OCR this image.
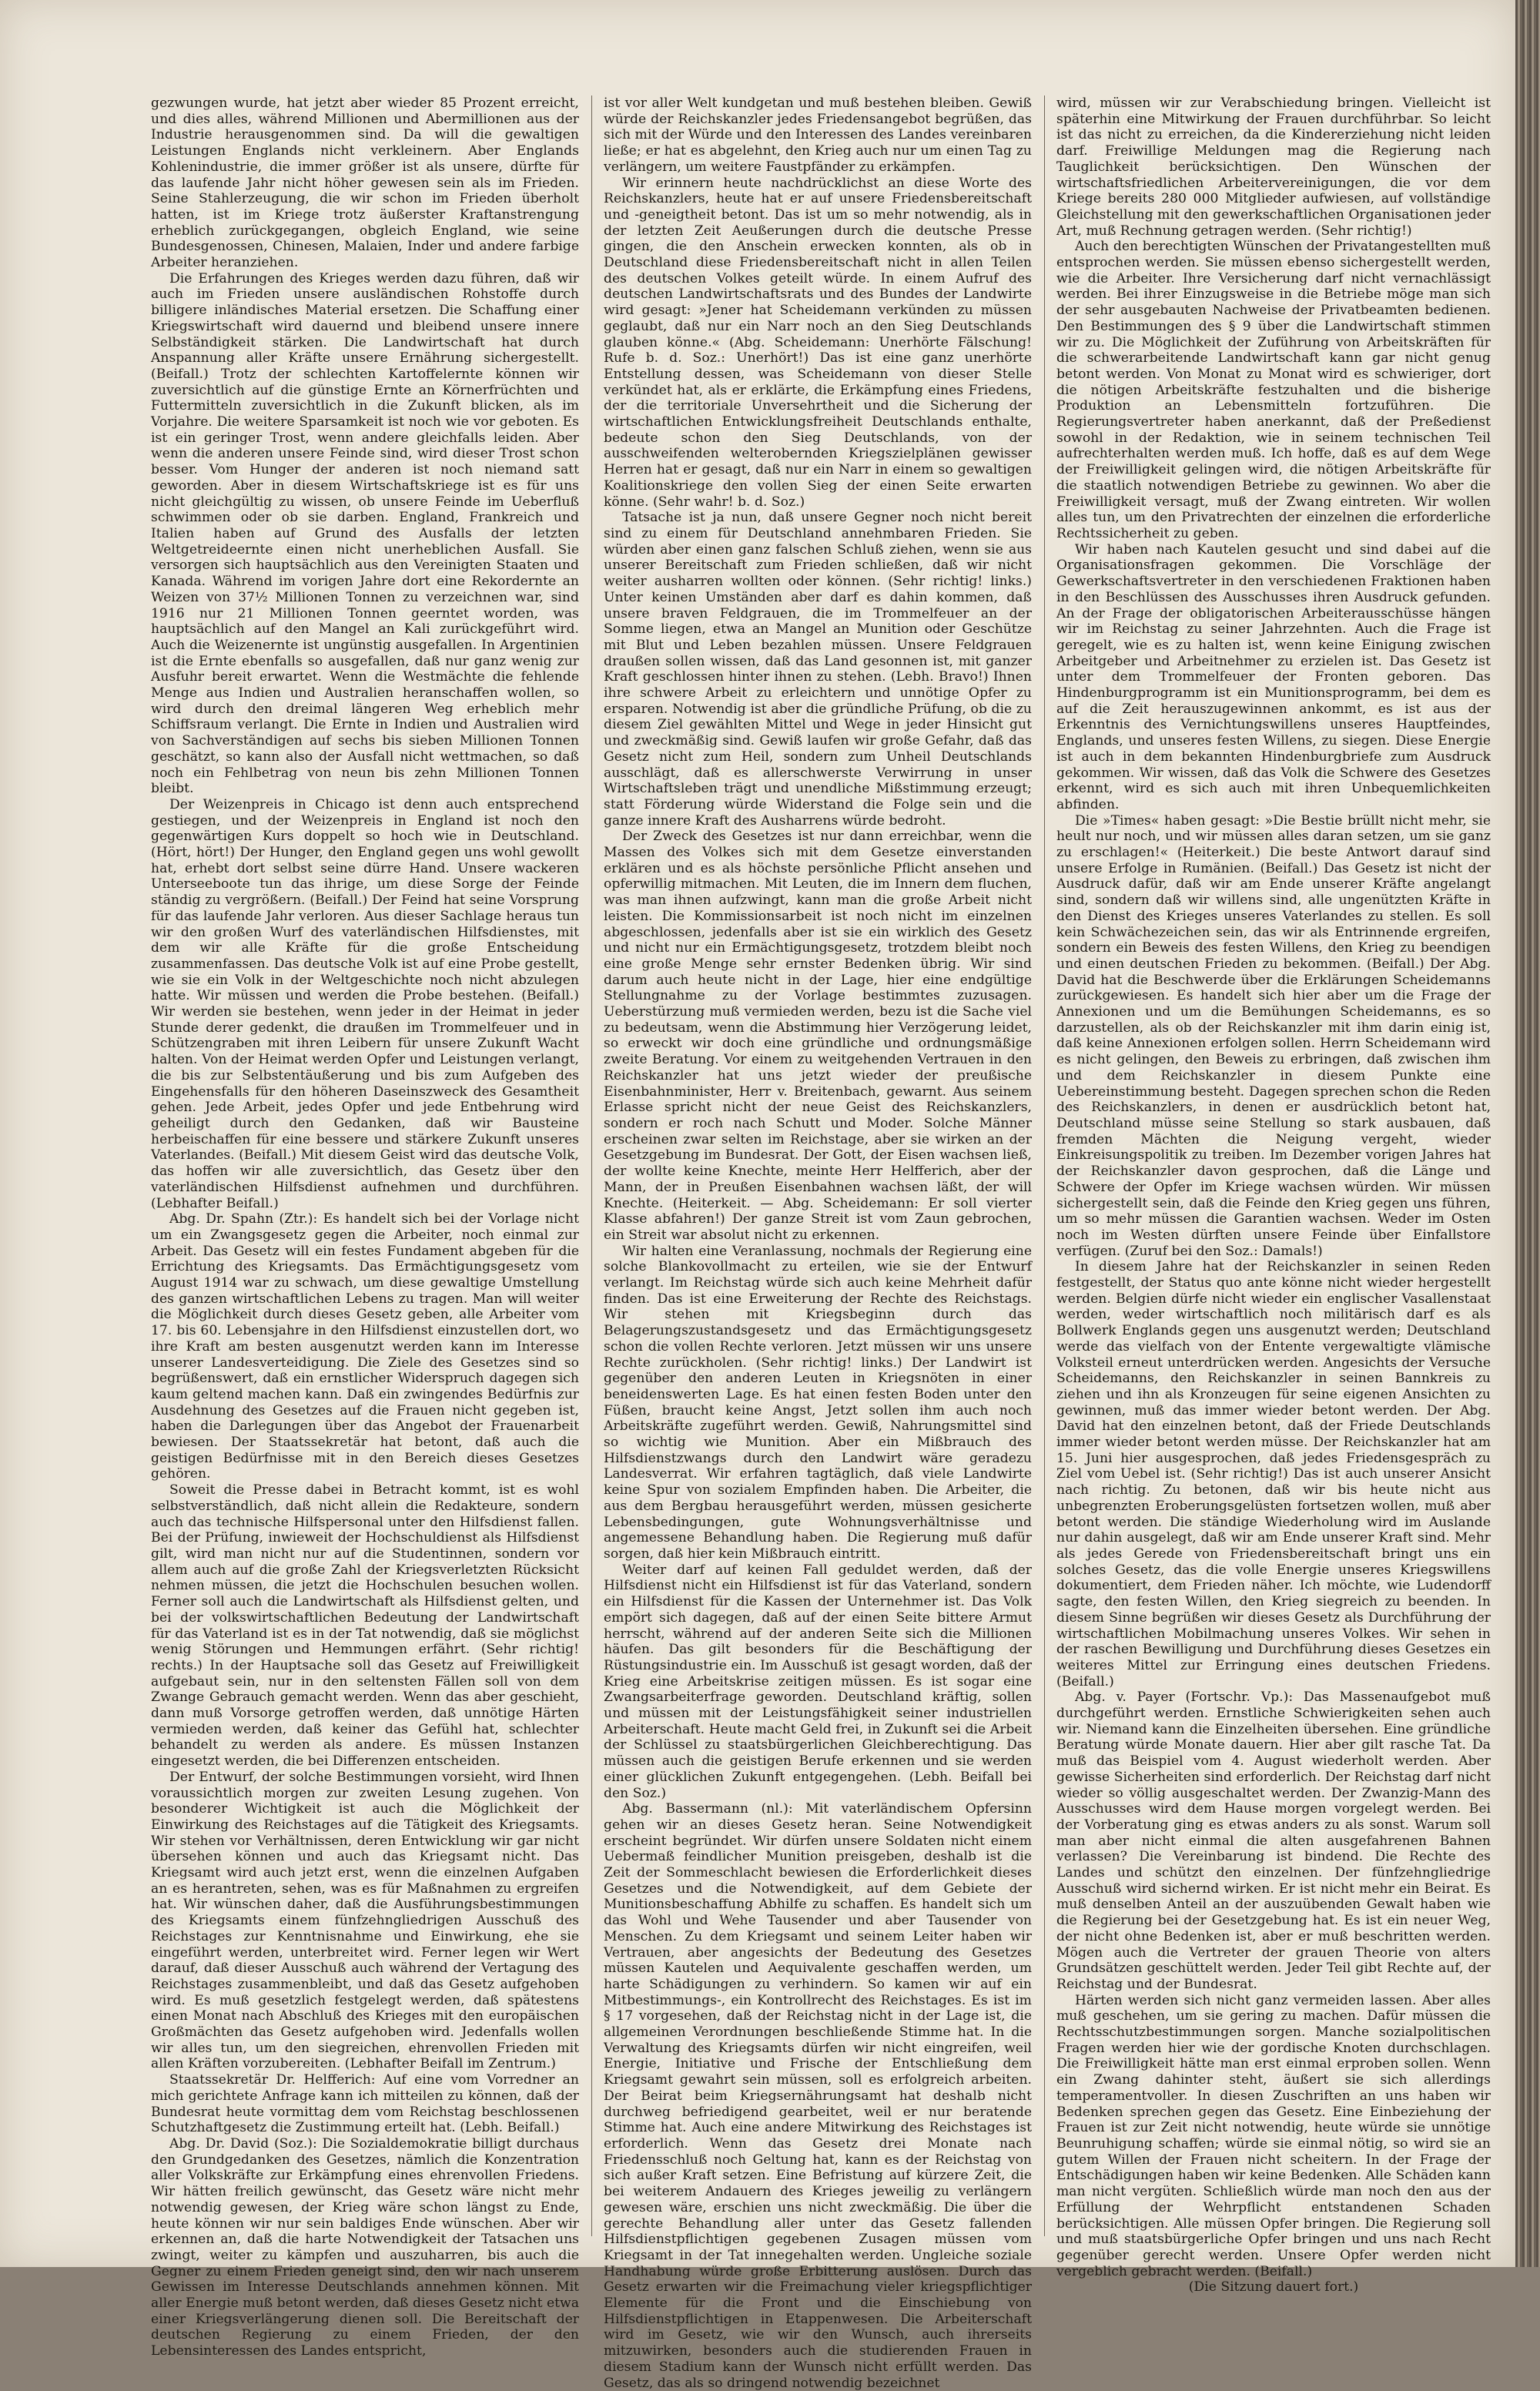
gezwungen wurde, hat jetzt aber wieder 85 Prozent erreicht, und dies alles, während Millionen und Abermillionen aus der Industrie herausgenommen sind. Da will die gewaltigen Leistungen Englands nicht verkleinern. Aber Englands Kohlenindustrie, die immer größer ist als unsere, dürfte für das laufende Jahr nicht höher gewesen sein als im Frieden. Seine Stahlerzeugung, die wir schon im Frieden überholt hatten, ist im Kriege trotz äußerster Kraftanstrengung erheblich zurückgegangen, obgleich England, wie seine Bundesgenossen, Chinesen, Malaien, Inder und andere farbige Arbeiter heranziehen.

Die Erfahrungen des Krieges werden dazu führen, daß wir auch im Frieden unsere ausländischen Rohstoffe durch billigere inländisches Material ersetzen. Die Schaffung einer Kriegswirtschaft wird dauernd und bleibend unsere innere Selbständigkeit stärken. Die Landwirtschaft hat durch Anspannung aller Kräfte unsere Ernährung sichergestellt. (Beifall.) Trotz der schlechten Kartoffelernte können wir zuversichtlich auf die günstige Ernte an Körnerfrüchten und Futtermitteln zuversichtlich in die Zukunft blicken, als im Vorjahre. Die weitere Sparsamkeit ist noch wie vor geboten. Es ist ein geringer Trost, wenn andere gleichfalls leiden. Aber wenn die anderen unsere Feinde sind, wird dieser Trost schon besser. Vom Hunger der anderen ist noch niemand satt geworden. Aber in diesem Wirtschaftskriege ist es für uns nicht gleichgültig zu wissen, ob unsere Feinde im Ueberfluß schwimmen oder ob sie darben. England, Frankreich und Italien haben auf Grund des Ausfalls der letzten Weltgetreideernte einen nicht unerheblichen Ausfall. Sie versorgen sich hauptsächlich aus den Vereinigten Staaten und Kanada. Während im vorigen Jahre dort eine Rekordernte an Weizen von 37½ Millionen Tonnen zu verzeichnen war, sind 1916 nur 21 Millionen Tonnen geerntet worden, was hauptsächlich auf den Mangel an Kali zurückgeführt wird. Auch die Weizenernte ist ungünstig ausgefallen. In Argentinien ist die Ernte ebenfalls so ausgefallen, daß nur ganz wenig zur Ausfuhr bereit erwartet. Wenn die Westmächte die fehlende Menge aus Indien und Australien heranschaffen wollen, so wird durch den dreimal längeren Weg erheblich mehr Schiffsraum verlangt. Die Ernte in Indien und Australien wird von Sachverständigen auf sechs bis sieben Millionen Tonnen geschätzt, so kann also der Ausfall nicht wettmachen, so daß noch ein Fehlbetrag von neun bis zehn Millionen Tonnen bleibt.

Der Weizenpreis in Chicago ist denn auch entsprechend gestiegen, und der Weizenpreis in England ist noch den gegenwärtigen Kurs doppelt so hoch wie in Deutschland. (Hört, hört!) Der Hunger, den England gegen uns wohl gewollt hat, erhebt dort selbst seine dürre Hand. Unsere wackeren Unterseeboote tun das ihrige, um diese Sorge der Feinde ständig zu vergrößern. (Beifall.) Der Feind hat seine Vorsprung für das laufende Jahr verloren. Aus dieser Sachlage heraus tun wir den großen Wurf des vaterländischen Hilfsdienstes, mit dem wir alle Kräfte für die große Entscheidung zusammenfassen. Das deutsche Volk ist auf eine Probe gestellt, wie sie ein Volk in der Weltgeschichte noch nicht abzulegen hatte. Wir müssen und werden die Probe bestehen. (Beifall.) Wir werden sie bestehen, wenn jeder in der Heimat in jeder Stunde derer gedenkt, die draußen im Trommelfeuer und in Schützengraben mit ihren Leibern für unsere Zukunft Wacht halten. Von der Heimat werden Opfer und Leistungen verlangt, die bis zur Selbstentäußerung und bis zum Aufgeben des Eingehensfalls für den höheren Daseinszweck des Gesamtheit gehen. Jede Arbeit, jedes Opfer und jede Entbehrung wird geheiligt durch den Gedanken, daß wir Bausteine herbeischaffen für eine bessere und stärkere Zukunft unseres Vaterlandes. (Beifall.) Mit diesem Geist wird das deutsche Volk, das hoffen wir alle zuversichtlich, das Gesetz über den vaterländischen Hilfsdienst aufnehmen und durchführen. (Lebhafter Beifall.)

Abg. Dr. Spahn (Ztr.): Es handelt sich bei der Vorlage nicht um ein Zwangsgesetz gegen die Arbeiter, noch einmal zur Arbeit. Das Gesetz will ein festes Fundament abgeben für die Errichtung des Kriegsamts. Das Ermächtigungsgesetz vom August 1914 war zu schwach, um diese gewaltige Umstellung des ganzen wirtschaftlichen Lebens zu tragen. Man will weiter die Möglichkeit durch dieses Gesetz geben, alle Arbeiter vom 17. bis 60. Lebensjahre in den Hilfsdienst einzustellen dort, wo ihre Kraft am besten ausgenutzt werden kann im Interesse unserer Landesverteidigung. Die Ziele des Gesetzes sind so begrüßenswert, daß ein ernstlicher Widerspruch dagegen sich kaum geltend machen kann. Daß ein zwingendes Bedürfnis zur Ausdehnung des Gesetzes auf die Frauen nicht gegeben ist, haben die Darlegungen über das Angebot der Frauenarbeit bewiesen. Der Staatssekretär hat betont, daß auch die geistigen Bedürfnisse mit in den Bereich dieses Gesetzes gehören.

Soweit die Presse dabei in Betracht kommt, ist es wohl selbstverständlich, daß nicht allein die Redakteure, sondern auch das technische Hilfspersonal unter den Hilfsdienst fallen. Bei der Prüfung, inwieweit der Hochschuldienst als Hilfsdienst gilt, wird man nicht nur auf die Studentinnen, sondern vor allem auch auf die große Zahl der Kriegsverletzten Rücksicht nehmen müssen, die jetzt die Hochschulen besuchen wollen. Ferner soll auch die Landwirtschaft als Hilfsdienst gelten, und bei der volkswirtschaftlichen Bedeutung der Landwirtschaft für das Vaterland ist es in der Tat notwendig, daß sie möglichst wenig Störungen und Hemmungen erfährt. (Sehr richtig! rechts.) In der Hauptsache soll das Gesetz auf Freiwilligkeit aufgebaut sein, nur in den seltensten Fällen soll von dem Zwange Gebrauch gemacht werden. Wenn das aber geschieht, dann muß Vorsorge getroffen werden, daß unnötige Härten vermieden werden, daß keiner das Gefühl hat, schlechter behandelt zu werden als andere. Es müssen Instanzen eingesetzt werden, die bei Differenzen entscheiden.

Der Entwurf, der solche Bestimmungen vorsieht, wird Ihnen voraussichtlich morgen zur zweiten Lesung zugehen. Von besonderer Wichtigkeit ist auch die Möglichkeit der Einwirkung des Reichstages auf die Tätigkeit des Kriegsamts. Wir stehen vor Verhältnissen, deren Entwicklung wir gar nicht übersehen können und auch das Kriegsamt nicht. Das Kriegsamt wird auch jetzt erst, wenn die einzelnen Aufgaben an es herantreten, sehen, was es für Maßnahmen zu ergreifen hat. Wir wünschen daher, daß die Ausführungsbestimmungen des Kriegsamts einem fünfzehngliedrigen Ausschuß des Reichstages zur Kenntnisnahme und Einwirkung, ehe sie eingeführt werden, unterbreitet wird. Ferner legen wir Wert darauf, daß dieser Ausschuß auch während der Vertagung des Reichstages zusammenbleibt, und daß das Gesetz aufgehoben wird. Es muß gesetzlich festgelegt werden, daß spätestens einen Monat nach Abschluß des Krieges mit den europäischen Großmächten das Gesetz aufgehoben wird. Jedenfalls wollen wir alles tun, um den siegreichen, ehrenvollen Frieden mit allen Kräften vorzubereiten. (Lebhafter Beifall im Zentrum.)

Staatssekretär Dr. Helfferich: Auf eine vom Vorredner an mich gerichtete Anfrage kann ich mitteilen zu können, daß der Bundesrat heute vormittag dem vom Reichstag beschlossenen Schutzhaftgesetz die Zustimmung erteilt hat. (Lebh. Beifall.)

Abg. Dr. David (Soz.): Die Sozialdemokratie billigt durchaus den Grundgedanken des Gesetzes, nämlich die Konzentration aller Volkskräfte zur Erkämpfung eines ehrenvollen Friedens. Wir hätten freilich gewünscht, das Gesetz wäre nicht mehr notwendig gewesen, der Krieg wäre schon längst zu Ende, heute können wir nur sein baldiges Ende wünschen. Aber wir erkennen an, daß die harte Notwendigkeit der Tatsachen uns zwingt, weiter zu kämpfen und auszuharren, bis auch die Gegner zu einem Frieden geneigt sind, den wir nach unserem Gewissen im Interesse Deutschlands annehmen können. Mit aller Energie muß betont werden, daß dieses Gesetz nicht etwa einer Kriegsverlängerung dienen soll. Die Bereitschaft der deutschen Regierung zu einem Frieden, der den Lebensinteressen des Landes entspricht,

ist vor aller Welt kundgetan und muß bestehen bleiben. Gewiß würde der Reichskanzler jedes Friedensangebot begrüßen, das sich mit der Würde und den Interessen des Landes vereinbaren ließe; er hat es abgelehnt, den Krieg auch nur um einen Tag zu verlängern, um weitere Faustpfänder zu erkämpfen.

Wir erinnern heute nachdrücklichst an diese Worte des Reichskanzlers, heute hat er auf unsere Friedensbereitschaft und -geneigtheit betont. Das ist um so mehr notwendig, als in der letzten Zeit Aeußerungen durch die deutsche Presse gingen, die den Anschein erwecken konnten, als ob in Deutschland diese Friedensbereitschaft nicht in allen Teilen des deutschen Volkes geteilt würde. In einem Aufruf des deutschen Landwirtschaftsrats und des Bundes der Landwirte wird gesagt: »Jener hat Scheidemann verkünden zu müssen geglaubt, daß nur ein Narr noch an den Sieg Deutschlands glauben könne.« (Abg. Scheidemann: Unerhörte Fälschung! Rufe b. d. Soz.: Unerhört!) Das ist eine ganz unerhörte Entstellung dessen, was Scheidemann von dieser Stelle verkündet hat, als er erklärte, die Erkämpfung eines Friedens, der die territoriale Unversehrtheit und die Sicherung der wirtschaftlichen Entwicklungsfreiheit Deutschlands enthalte, bedeute schon den Sieg Deutschlands, von der ausschweifenden welterobernden Kriegszielplänen gewisser Herren hat er gesagt, daß nur ein Narr in einem so gewaltigen Koalitionskriege den vollen Sieg der einen Seite erwarten könne. (Sehr wahr! b. d. Soz.)

Tatsache ist ja nun, daß unsere Gegner noch nicht bereit sind zu einem für Deutschland annehmbaren Frieden. Sie würden aber einen ganz falschen Schluß ziehen, wenn sie aus unserer Bereitschaft zum Frieden schließen, daß wir nicht weiter ausharren wollten oder können. (Sehr richtig! links.) Unter keinen Umständen aber darf es dahin kommen, daß unsere braven Feldgrauen, die im Trommelfeuer an der Somme liegen, etwa an Mangel an Munition oder Geschütze mit Blut und Leben bezahlen müssen. Unsere Feldgrauen draußen sollen wissen, daß das Land gesonnen ist, mit ganzer Kraft geschlossen hinter ihnen zu stehen. (Lebh. Bravo!) Ihnen ihre schwere Arbeit zu erleichtern und unnötige Opfer zu ersparen. Notwendig ist aber die gründliche Prüfung, ob die zu diesem Ziel gewählten Mittel und Wege in jeder Hinsicht gut und zweckmäßig sind. Gewiß laufen wir große Gefahr, daß das Gesetz nicht zum Heil, sondern zum Unheil Deutschlands ausschlägt, daß es allerschwerste Verwirrung in unser Wirtschaftsleben trägt und unendliche Mißstimmung erzeugt; statt Förderung würde Widerstand die Folge sein und die ganze innere Kraft des Ausharrens würde bedroht.

Der Zweck des Gesetzes ist nur dann erreichbar, wenn die Massen des Volkes sich mit dem Gesetze einverstanden erklären und es als höchste persönliche Pflicht ansehen und opferwillig mitmachen. Mit Leuten, die im Innern dem fluchen, was man ihnen aufzwingt, kann man die große Arbeit nicht leisten. Die Kommissionsarbeit ist noch nicht im einzelnen abgeschlossen, jedenfalls aber ist sie ein wirklich des Gesetz und nicht nur ein Ermächtigungsgesetz, trotzdem bleibt noch eine große Menge sehr ernster Bedenken übrig. Wir sind darum auch heute nicht in der Lage, hier eine endgültige Stellungnahme zu der Vorlage bestimmtes zuzusagen. Ueberstürzung muß vermieden werden, bezu ist die Sache viel zu bedeutsam, wenn die Abstimmung hier Verzögerung leidet, so erweckt wir doch eine gründliche und ordnungsmäßige zweite Beratung. Vor einem zu weitgehenden Vertrauen in den Reichskanzler hat uns jetzt wieder der preußische Eisenbahnminister, Herr v. Breitenbach, gewarnt. Aus seinem Erlasse spricht nicht der neue Geist des Reichskanzlers, sondern er roch nach Schutt und Moder. Solche Männer erscheinen zwar selten im Reichstage, aber sie wirken an der Gesetzgebung im Bundesrat. Der Gott, der Eisen wachsen ließ, der wollte keine Knechte, meinte Herr Helfferich, aber der Mann, der in Preußen Eisenbahnen wachsen läßt, der will Knechte. (Heiterkeit. — Abg. Scheidemann: Er soll vierter Klasse abfahren!) Der ganze Streit ist vom Zaun gebrochen, ein Streit war absolut nicht zu erkennen.

Wir halten eine Veranlassung, nochmals der Regierung eine solche Blankovollmacht zu erteilen, wie sie der Entwurf verlangt. Im Reichstag würde sich auch keine Mehrheit dafür finden. Das ist eine Erweiterung der Rechte des Reichstags. Wir stehen mit Kriegsbeginn durch das Belagerungszustandsgesetz und das Ermächtigungsgesetz schon die vollen Rechte verloren. Jetzt müssen wir uns unsere Rechte zurückholen. (Sehr richtig! links.) Der Landwirt ist gegenüber den anderen Leuten in Kriegsnöten in einer beneidenswerten Lage. Es hat einen festen Boden unter den Füßen, braucht keine Angst, Jetzt sollen ihm auch noch Arbeitskräfte zugeführt werden. Gewiß, Nahrungsmittel sind so wichtig wie Munition. Aber ein Mißbrauch des Hilfsdienstzwangs durch den Landwirt wäre geradezu Landesverrat. Wir erfahren tagtäglich, daß viele Landwirte keine Spur von sozialem Empfinden haben. Die Arbeiter, die aus dem Bergbau herausgeführt werden, müssen gesicherte Lebensbedingungen, gute Wohnungsverhältnisse und angemessene Behandlung haben. Die Regierung muß dafür sorgen, daß hier kein Mißbrauch eintritt.

Weiter darf auf keinen Fall geduldet werden, daß der Hilfsdienst nicht ein Hilfsdienst ist für das Vaterland, sondern ein Hilfsdienst für die Kassen der Unternehmer ist. Das Volk empört sich dagegen, daß auf der einen Seite bittere Armut herrscht, während auf der anderen Seite sich die Millionen häufen. Das gilt besonders für die Beschäftigung der Rüstungsindustrie ein. Im Ausschuß ist gesagt worden, daß der Krieg eine Arbeitskrise zeitigen müssen. Es ist sogar eine Zwangsarbeiterfrage geworden. Deutschland kräftig, sollen und müssen mit der Leistungsfähigkeit seiner industriellen Arbeiterschaft. Heute macht Geld frei, in Zukunft sei die Arbeit der Schlüssel zu staatsbürgerlichen Gleichberechtigung. Das müssen auch die geistigen Berufe erkennen und sie werden einer glücklichen Zukunft entgegengehen. (Lebh. Beifall bei den Soz.)

Abg. Bassermann (nl.): Mit vaterländischem Opfersinn gehen wir an dieses Gesetz heran. Seine Notwendigkeit erscheint begründet. Wir dürfen unsere Soldaten nicht einem Uebermaß feindlicher Munition preisgeben, deshalb ist die Zeit der Sommeschlacht bewiesen die Erforderlichkeit dieses Gesetzes und die Notwendigkeit, auf dem Gebiete der Munitionsbeschaffung Abhilfe zu schaffen. Es handelt sich um das Wohl und Wehe Tausender und aber Tausender von Menschen. Zu dem Kriegsamt und seinem Leiter haben wir Vertrauen, aber angesichts der Bedeutung des Gesetzes müssen Kautelen und Aequivalente geschaffen werden, um harte Schädigungen zu verhindern. So kamen wir auf ein Mitbestimmungs-, ein Kontrollrecht des Reichstages. Es ist im § 17 vorgesehen, daß der Reichstag nicht in der Lage ist, die allgemeinen Verordnungen beschließende Stimme hat. In die Verwaltung des Kriegsamts dürfen wir nicht eingreifen, weil Energie, Initiative und Frische der Entschließung dem Kriegsamt gewahrt sein müssen, soll es erfolgreich arbeiten. Der Beirat beim Kriegsernährungsamt hat deshalb nicht durchweg befriedigend gearbeitet, weil er nur beratende Stimme hat. Auch eine andere Mitwirkung des Reichstages ist erforderlich. Wenn das Gesetz drei Monate nach Friedensschluß noch Geltung hat, kann es der Reichstag von sich außer Kraft setzen. Eine Befristung auf kürzere Zeit, die bei weiterem Andauern des Krieges jeweilig zu verlängern gewesen wäre, erschien uns nicht zweckmäßig. Die über die gerechte Behandlung aller unter das Gesetz fallenden Hilfsdienstpflichtigen gegebenen Zusagen müssen vom Kriegsamt in der Tat innegehalten werden. Ungleiche soziale Handhabung würde große Erbitterung auslösen. Durch das Gesetz erwarten wir die Freimachung vieler kriegspflichtiger Elemente für die Front und die Einschiebung von Hilfsdienstpflichtigen in Etappenwesen. Die Arbeiterschaft wird im Gesetz, wie wir den Wunsch, auch ihrerseits mitzuwirken, besonders auch die studierenden Frauen in diesem Stadium kann der Wunsch nicht erfüllt werden. Das Gesetz, das als so dringend notwendig bezeichnet

wird, müssen wir zur Verabschiedung bringen. Vielleicht ist späterhin eine Mitwirkung der Frauen durchführbar. So leicht ist das nicht zu erreichen, da die Kindererziehung nicht leiden darf. Freiwillige Meldungen mag die Regierung nach Tauglichkeit berücksichtigen. Den Wünschen der wirtschaftsfriedlichen Arbeitervereinigungen, die vor dem Kriege bereits 280 000 Mitglieder aufwiesen, auf vollständige Gleichstellung mit den gewerkschaftlichen Organisationen jeder Art, muß Rechnung getragen werden. (Sehr richtig!)

Auch den berechtigten Wünschen der Privatangestellten muß entsprochen werden. Sie müssen ebenso sichergestellt werden, wie die Arbeiter. Ihre Versicherung darf nicht vernachlässigt werden. Bei ihrer Einzugsweise in die Betriebe möge man sich der sehr ausgebauten Nachweise der Privatbeamten bedienen. Den Bestimmungen des § 9 über die Landwirtschaft stimmen wir zu. Die Möglichkeit der Zuführung von Arbeitskräften für die schwerarbeitende Landwirtschaft kann gar nicht genug betont werden. Von Monat zu Monat wird es schwieriger, dort die nötigen Arbeitskräfte festzuhalten und die bisherige Produktion an Lebensmitteln fortzuführen. Die Regierungsvertreter haben anerkannt, daß der Preßedienst sowohl in der Redaktion, wie in seinem technischen Teil aufrechterhalten werden muß. Ich hoffe, daß es auf dem Wege der Freiwilligkeit gelingen wird, die nötigen Arbeitskräfte für die staatlich notwendigen Betriebe zu gewinnen. Wo aber die Freiwilligkeit versagt, muß der Zwang eintreten. Wir wollen alles tun, um den Privatrechten der einzelnen die erforderliche Rechtssicherheit zu geben.

Wir haben nach Kautelen gesucht und sind dabei auf die Organisationsfragen gekommen. Die Vorschläge der Gewerkschaftsvertreter in den verschiedenen Fraktionen haben in den Beschlüssen des Ausschusses ihren Ausdruck gefunden. An der Frage der obligatorischen Arbeiterausschüsse hängen wir im Reichstag zu seiner Jahrzehnten. Auch die Frage ist geregelt, wie es zu halten ist, wenn keine Einigung zwischen Arbeitgeber und Arbeitnehmer zu erzielen ist. Das Gesetz ist unter dem Trommelfeuer der Fronten geboren. Das Hindenburgprogramm ist ein Munitionsprogramm, bei dem es auf die Zeit herauszugewinnen ankommt, es ist aus der Erkenntnis des Vernichtungswillens unseres Hauptfeindes, Englands, und unseres festen Willens, zu siegen. Diese Energie ist auch in dem bekannten Hindenburgbriefe zum Ausdruck gekommen. Wir wissen, daß das Volk die Schwere des Gesetzes erkennt, wird es sich auch mit ihren Unbequemlichkeiten abfinden.

Die »Times« haben gesagt: »Die Bestie brüllt nicht mehr, sie heult nur noch, und wir müssen alles daran setzen, um sie ganz zu erschlagen!« (Heiterkeit.) Die beste Antwort darauf sind unsere Erfolge in Rumänien. (Beifall.) Das Gesetz ist nicht der Ausdruck dafür, daß wir am Ende unserer Kräfte angelangt sind, sondern daß wir willens sind, alle ungenützten Kräfte in den Dienst des Krieges unseres Vaterlandes zu stellen. Es soll kein Schwächezeichen sein, das wir als Entrinnende ergreifen, sondern ein Beweis des festen Willens, den Krieg zu beendigen und einen deutschen Frieden zu bekommen. (Beifall.) Der Abg. David hat die Beschwerde über die Erklärungen Scheidemanns zurückgewiesen. Es handelt sich hier aber um die Frage der Annexionen und um die Bemühungen Scheidemanns, es so darzustellen, als ob der Reichskanzler mit ihm darin einig ist, daß keine Annexionen erfolgen sollen. Herrn Scheidemann wird es nicht gelingen, den Beweis zu erbringen, daß zwischen ihm und dem Reichskanzler in diesem Punkte eine Uebereinstimmung besteht. Dagegen sprechen schon die Reden des Reichskanzlers, in denen er ausdrücklich betont hat, Deutschland müsse seine Stellung so stark ausbauen, daß fremden Mächten die Neigung vergeht, wieder Einkreisungspolitik zu treiben. Im Dezember vorigen Jahres hat der Reichskanzler davon gesprochen, daß die Länge und Schwere der Opfer im Kriege wachsen würden. Wir müssen sichergestellt sein, daß die Feinde den Krieg gegen uns führen, um so mehr müssen die Garantien wachsen. Weder im Osten noch im Westen dürften unsere Feinde über Einfallstore verfügen. (Zuruf bei den Soz.: Damals!)

In diesem Jahre hat der Reichskanzler in seinen Reden festgestellt, der Status quo ante könne nicht wieder hergestellt werden. Belgien dürfe nicht wieder ein englischer Vasallenstaat werden, weder wirtschaftlich noch militärisch darf es als Bollwerk Englands gegen uns ausgenutzt werden; Deutschland werde das vielfach von der Entente vergewaltigte vlämische Volksteil erneut unterdrücken werden. Angesichts der Versuche Scheidemanns, den Reichskanzler in seinen Bannkreis zu ziehen und ihn als Kronzeugen für seine eigenen Ansichten zu gewinnen, muß das immer wieder betont werden. Der Abg. David hat den einzelnen betont, daß der Friede Deutschlands immer wieder betont werden müsse. Der Reichskanzler hat am 15. Juni hier ausgesprochen, daß jedes Friedensgespräch zu Ziel vom Uebel ist. (Sehr richtig!) Das ist auch unserer Ansicht nach richtig. Zu betonen, daß wir bis heute nicht aus unbegrenzten Eroberungsgelüsten fortsetzen wollen, muß aber betont werden. Die ständige Wiederholung wird im Auslande nur dahin ausgelegt, daß wir am Ende unserer Kraft sind. Mehr als jedes Gerede von Friedensbereitschaft bringt uns ein solches Gesetz, das die volle Energie unseres Kriegswillens dokumentiert, dem Frieden näher. Ich möchte, wie Ludendorff sagte, den festen Willen, den Krieg siegreich zu beenden. In diesem Sinne begrüßen wir dieses Gesetz als Durchführung der wirtschaftlichen Mobilmachung unseres Volkes. Wir sehen in der raschen Bewilligung und Durchführung dieses Gesetzes ein weiteres Mittel zur Erringung eines deutschen Friedens. (Beifall.)

Abg. v. Payer (Fortschr. Vp.): Das Massenaufgebot muß durchgeführt werden. Ernstliche Schwierigkeiten sehen auch wir. Niemand kann die Einzelheiten übersehen. Eine gründliche Beratung würde Monate dauern. Hier aber gilt rasche Tat. Da muß das Beispiel vom 4. August wiederholt werden. Aber gewisse Sicherheiten sind erforderlich. Der Reichstag darf nicht wieder so völlig ausgeschaltet werden. Der Zwanzig-Mann des Ausschusses wird dem Hause morgen vorgelegt werden. Bei der Vorberatung ging es etwas anders zu als sonst. Warum soll man aber nicht einmal die alten ausgefahrenen Bahnen verlassen? Die Vereinbarung ist bindend. Die Rechte des Landes und schützt den einzelnen. Der fünfzehngliedrige Ausschuß wird sichernd wirken. Er ist nicht mehr ein Beirat. Es muß denselben Anteil an der auszuübenden Gewalt haben wie die Regierung bei der Gesetzgebung hat. Es ist ein neuer Weg, der nicht ohne Bedenken ist, aber er muß beschritten werden. Mögen auch die Vertreter der grauen Theorie von alters Grundsätzen geschüttelt werden. Jeder Teil gibt Rechte auf, der Reichstag und der Bundesrat.

Härten werden sich nicht ganz vermeiden lassen. Aber alles muß geschehen, um sie gering zu machen. Dafür müssen die Rechtsschutzbestimmungen sorgen. Manche sozialpolitischen Fragen werden hier wie der gordische Knoten durchschlagen. Die Freiwilligkeit hätte man erst einmal erproben sollen. Wenn ein Zwang dahinter steht, äußert sie sich allerdings temperamentvoller. In diesen Zuschriften an uns haben wir Bedenken sprechen gegen das Gesetz. Eine Einbeziehung der Frauen ist zur Zeit nicht notwendig, heute würde sie unnötige Beunruhigung schaffen; würde sie einmal nötig, so wird sie an gutem Willen der Frauen nicht scheitern. In der Frage der Entschädigungen haben wir keine Bedenken. Alle Schäden kann man nicht vergüten. Schließlich würde man noch den aus der Erfüllung der Wehrpflicht entstandenen Schaden berücksichtigen. Alle müssen Opfer bringen. Die Regierung soll und muß staatsbürgerliche Opfer bringen und uns nach Recht gegenüber gerecht werden. Unsere Opfer werden nicht vergeblich gebracht werden. (Beifall.)

(Die Sitzung dauert fort.)
